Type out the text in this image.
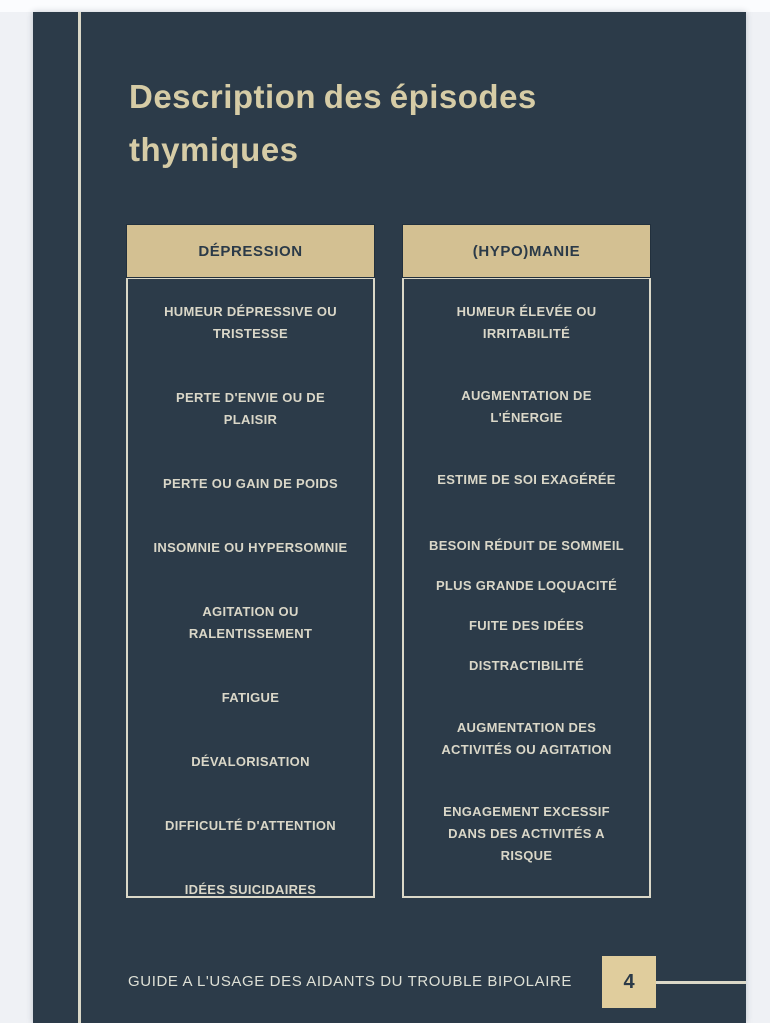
Description des épisodes thymiques
DÉPRESSION
HUMEUR DÉPRESSIVE OU TRISTESSE
PERTE D'ENVIE OU DE PLAISIR
PERTE OU GAIN DE POIDS
INSOMNIE OU HYPERSOMNIE
AGITATION OU RALENTISSEMENT
FATIGUE
DÉVALORISATION
DIFFICULTÉ D'ATTENTION
IDÉES SUICIDAIRES
(HYPO)MANIE
HUMEUR ÉLEVÉE OU IRRITABILITÉ
AUGMENTATION DE L'ÉNERGIE
ESTIME DE SOI EXAGÉRÉE
BESOIN RÉDUIT DE SOMMEIL
PLUS GRANDE LOQUACITÉ
FUITE DES IDÉES
DISTRACTIBILITÉ
AUGMENTATION DES ACTIVITÉS OU AGITATION
ENGAGEMENT EXCESSIF DANS DES ACTIVITÉS A RISQUE
GUIDE A L'USAGE DES AIDANTS DU TROUBLE BIPOLAIRE	4
